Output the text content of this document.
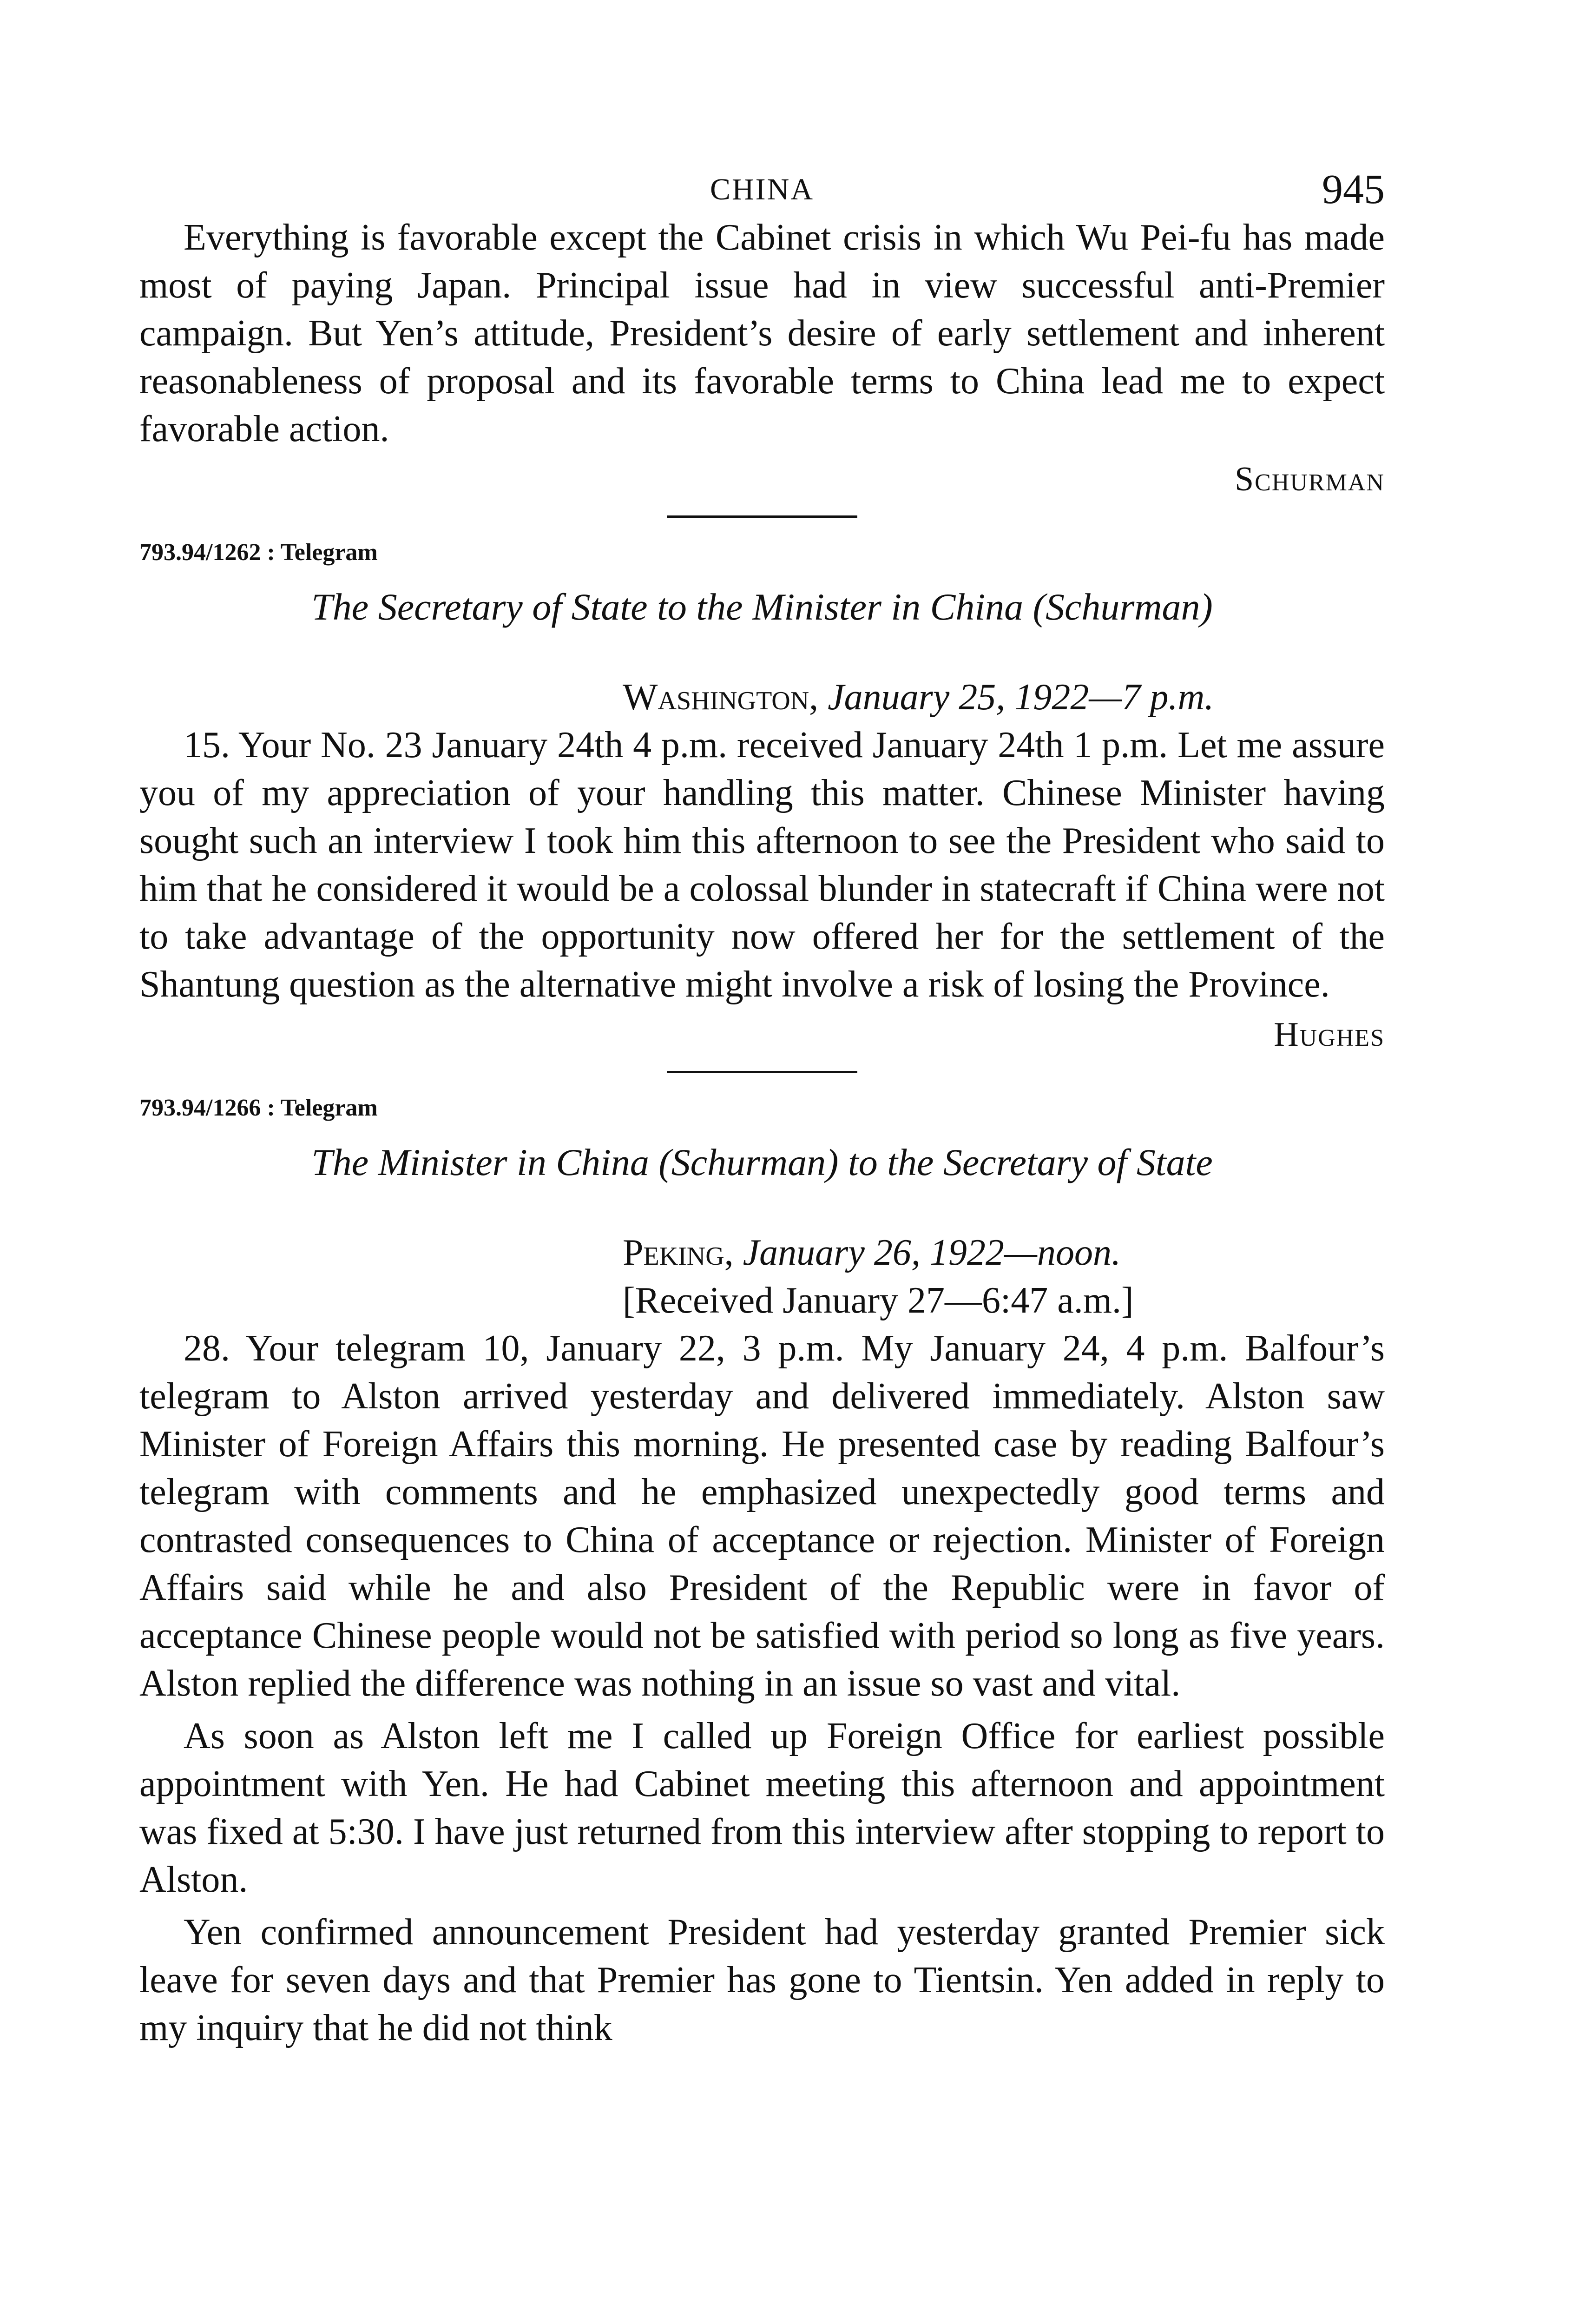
CHINA	945

Everything is favorable except the Cabinet crisis in which Wu Pei-fu has made most of paying Japan. Principal issue had in view successful anti-Premier campaign. But Yen’s attitude, President’s desire of early settlement and inherent reasonableness of proposal and its favorable terms to China lead me to expect favorable action.

Schurman
793.94/1262 : Telegram
The Secretary of State to the Minister in China (Schurman)
Washington, January 25, 1922—7 p.m.

15. Your No. 23 January 24th 4 p.m. received January 24th 1 p.m. Let me assure you of my appreciation of your handling this matter. Chinese Minister having sought such an interview I took him this afternoon to see the President who said to him that he considered it would be a colossal blunder in statecraft if China were not to take advantage of the opportunity now offered her for the settlement of the Shantung question as the alternative might involve a risk of losing the Province.

Hughes
793.94/1266 : Telegram
The Minister in China (Schurman) to the Secretary of State
Peking, January 26, 1922—noon.
[Received January 27—6:47 a.m.]

28. Your telegram 10, January 22, 3 p.m. My January 24, 4 p.m. Balfour’s telegram to Alston arrived yesterday and delivered immediately. Alston saw Minister of Foreign Affairs this morning. He presented case by reading Balfour’s telegram with comments and he emphasized unexpectedly good terms and contrasted consequences to China of acceptance or rejection. Minister of Foreign Affairs said while he and also President of the Republic were in favor of acceptance Chinese people would not be satisfied with period so long as five years. Alston replied the difference was nothing in an issue so vast and vital.

As soon as Alston left me I called up Foreign Office for earliest possible appointment with Yen. He had Cabinet meeting this afternoon and appointment was fixed at 5:30. I have just returned from this interview after stopping to report to Alston.

Yen confirmed announcement President had yesterday granted Premier sick leave for seven days and that Premier has gone to Tientsin. Yen added in reply to my inquiry that he did not think
